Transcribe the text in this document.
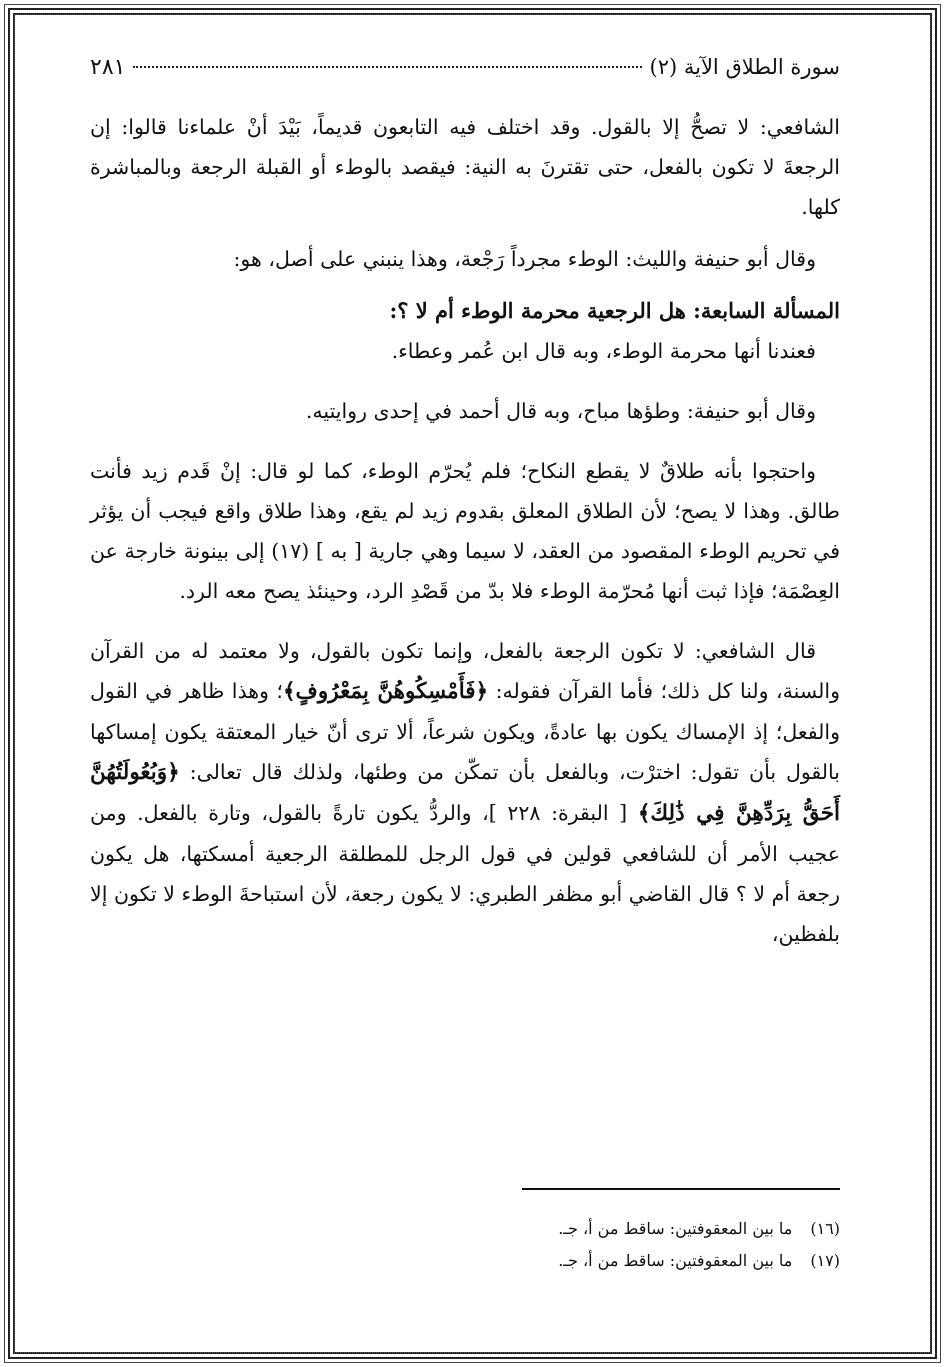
سورة الطلاق الآية (٢)
٢٨١

الشافعي: لا تصحُّ إلا بالقول. وقد اختلف فيه التابعون قديماً، بَيْدَ أنْ علماءنا قالوا: إن الرجعةَ لا تكون بالفعل، حتى تقترنَ به النية: فيقصد بالوطء أو القبلة الرجعة وبالمباشرة كلها.

وقال أبو حنيفة والليث: الوطء مجرداً رَجْعة، وهذا ينبني على أصل، هو:

المسألة السابعة: هل الرجعية محرمة الوطء أم لا ؟:

فعندنا أنها محرمة الوطء، وبه قال ابن عُمر وعطاء.

وقال أبو حنيفة: وطؤها مباح، وبه قال أحمد في إحدى روايتيه.

واحتجوا بأنه طلاقٌ لا يقطع النكاح؛ فلم يُحرّم الوطء، كما لو قال: إنْ قَدم زيد فأنت طالق. وهذا لا يصح؛ لأن الطلاق المعلق بقدوم زيد لم يقع، وهذا طلاق واقع فيجب أن يؤثر في تحريم الوطء المقصود من العقد، لا سيما وهي جارية [ به ] (١٧) إلى بينونة خارجة عن العِصْمَة؛ فإذا ثبت أنها مُحرّمة الوطء فلا بدّ من قَصْدِ الرد، وحينئذ يصح معه الرد.

قال الشافعي: لا تكون الرجعة بالفعل، وإنما تكون بالقول، ولا معتمد له من القرآن والسنة، ولنا كل ذلك؛ فأما القرآن فقوله: ﴿فَأَمْسِكُوهُنَّ بِمَعْرُوفٍ﴾؛ وهذا ظاهر في القول والفعل؛ إذ الإمساك يكون بها عادةً، ويكون شرعاً، ألا ترى أنّ خيار المعتقة يكون إمساكها بالقول بأن تقول: اخترْت، وبالفعل بأن تمكّن من وطئها، ولذلك قال تعالى: ﴿وَبُعُولَتُهُنَّ أَحَقُّ بِرَدِّهِنَّ فِي ذَٰلِكَ﴾ [ البقرة: ٢٢٨ ]، والردُّ يكون تارةً بالقول، وتارة بالفعل. ومن عجيب الأمر أن للشافعي قولين في قول الرجل للمطلقة الرجعية أمسكتها، هل يكون رجعة أم لا ؟ قال القاضي أبو مظفر الطبري: لا يكون رجعة، لأن استباحةَ الوطء لا تكون إلا بلفظين،

(١٦)
ما بين المعقوفتين: ساقط من أ، جـ.
(١٧)
ما بين المعقوفتين: ساقط من أ، جـ.
